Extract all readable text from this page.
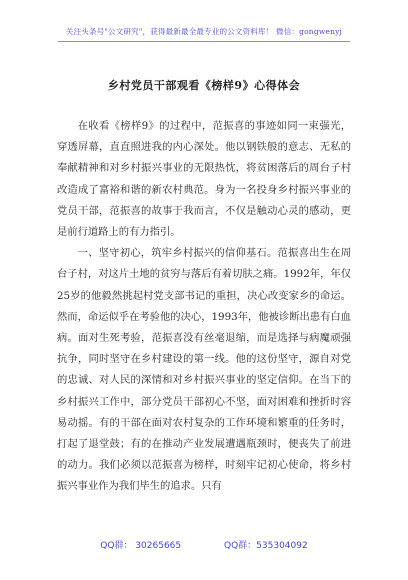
关注头条号"公文研究"，获得最新最全最专业的公文资料库！ 微信：gongwenyj
乡村党员干部观看《榜样9》心得体会

在收看《榜样9》的过程中，范振喜的事迹如同一束强光，穿透屏幕，直直照进我的内心深处。他以钢铁般的意志、无私的奉献精神和对乡村振兴事业的无限热忱，将贫困落后的周台子村改造成了富裕和谐的新农村典范。身为一名投身乡村振兴事业的党员干部，范振喜的故事于我而言，不仅是触动心灵的感动，更是前行道路上的有力指引。

一、坚守初心，筑牢乡村振兴的信仰基石。范振喜出生在周台子村，对这片土地的贫穷与落后有着切肤之痛。1992年，年仅25岁的他毅然挑起村党支部书记的重担，决心改变家乡的命运。然而，命运似乎在考验他的决心，1993年，他被诊断出患有白血病。面对生死考验，范振喜没有丝毫退缩，而是选择与病魔顽强抗争，同时坚守在乡村建设的第一线。他的这份坚守，源自对党的忠诚、对人民的深情和对乡村振兴事业的坚定信仰。在当下的乡村振兴工作中，部分党员干部初心不坚，面对困难和挫折时容易动摇。有的干部在面对农村复杂的工作环境和繁重的任务时，打起了退堂鼓；有的在推动产业发展遭遇瓶颈时，便丧失了前进的动力。我们必须以范振喜为榜样，时刻牢记初心使命，将乡村振兴事业作为我们毕生的追求。只有

QQ群： 30265665	QQ群：535304092
